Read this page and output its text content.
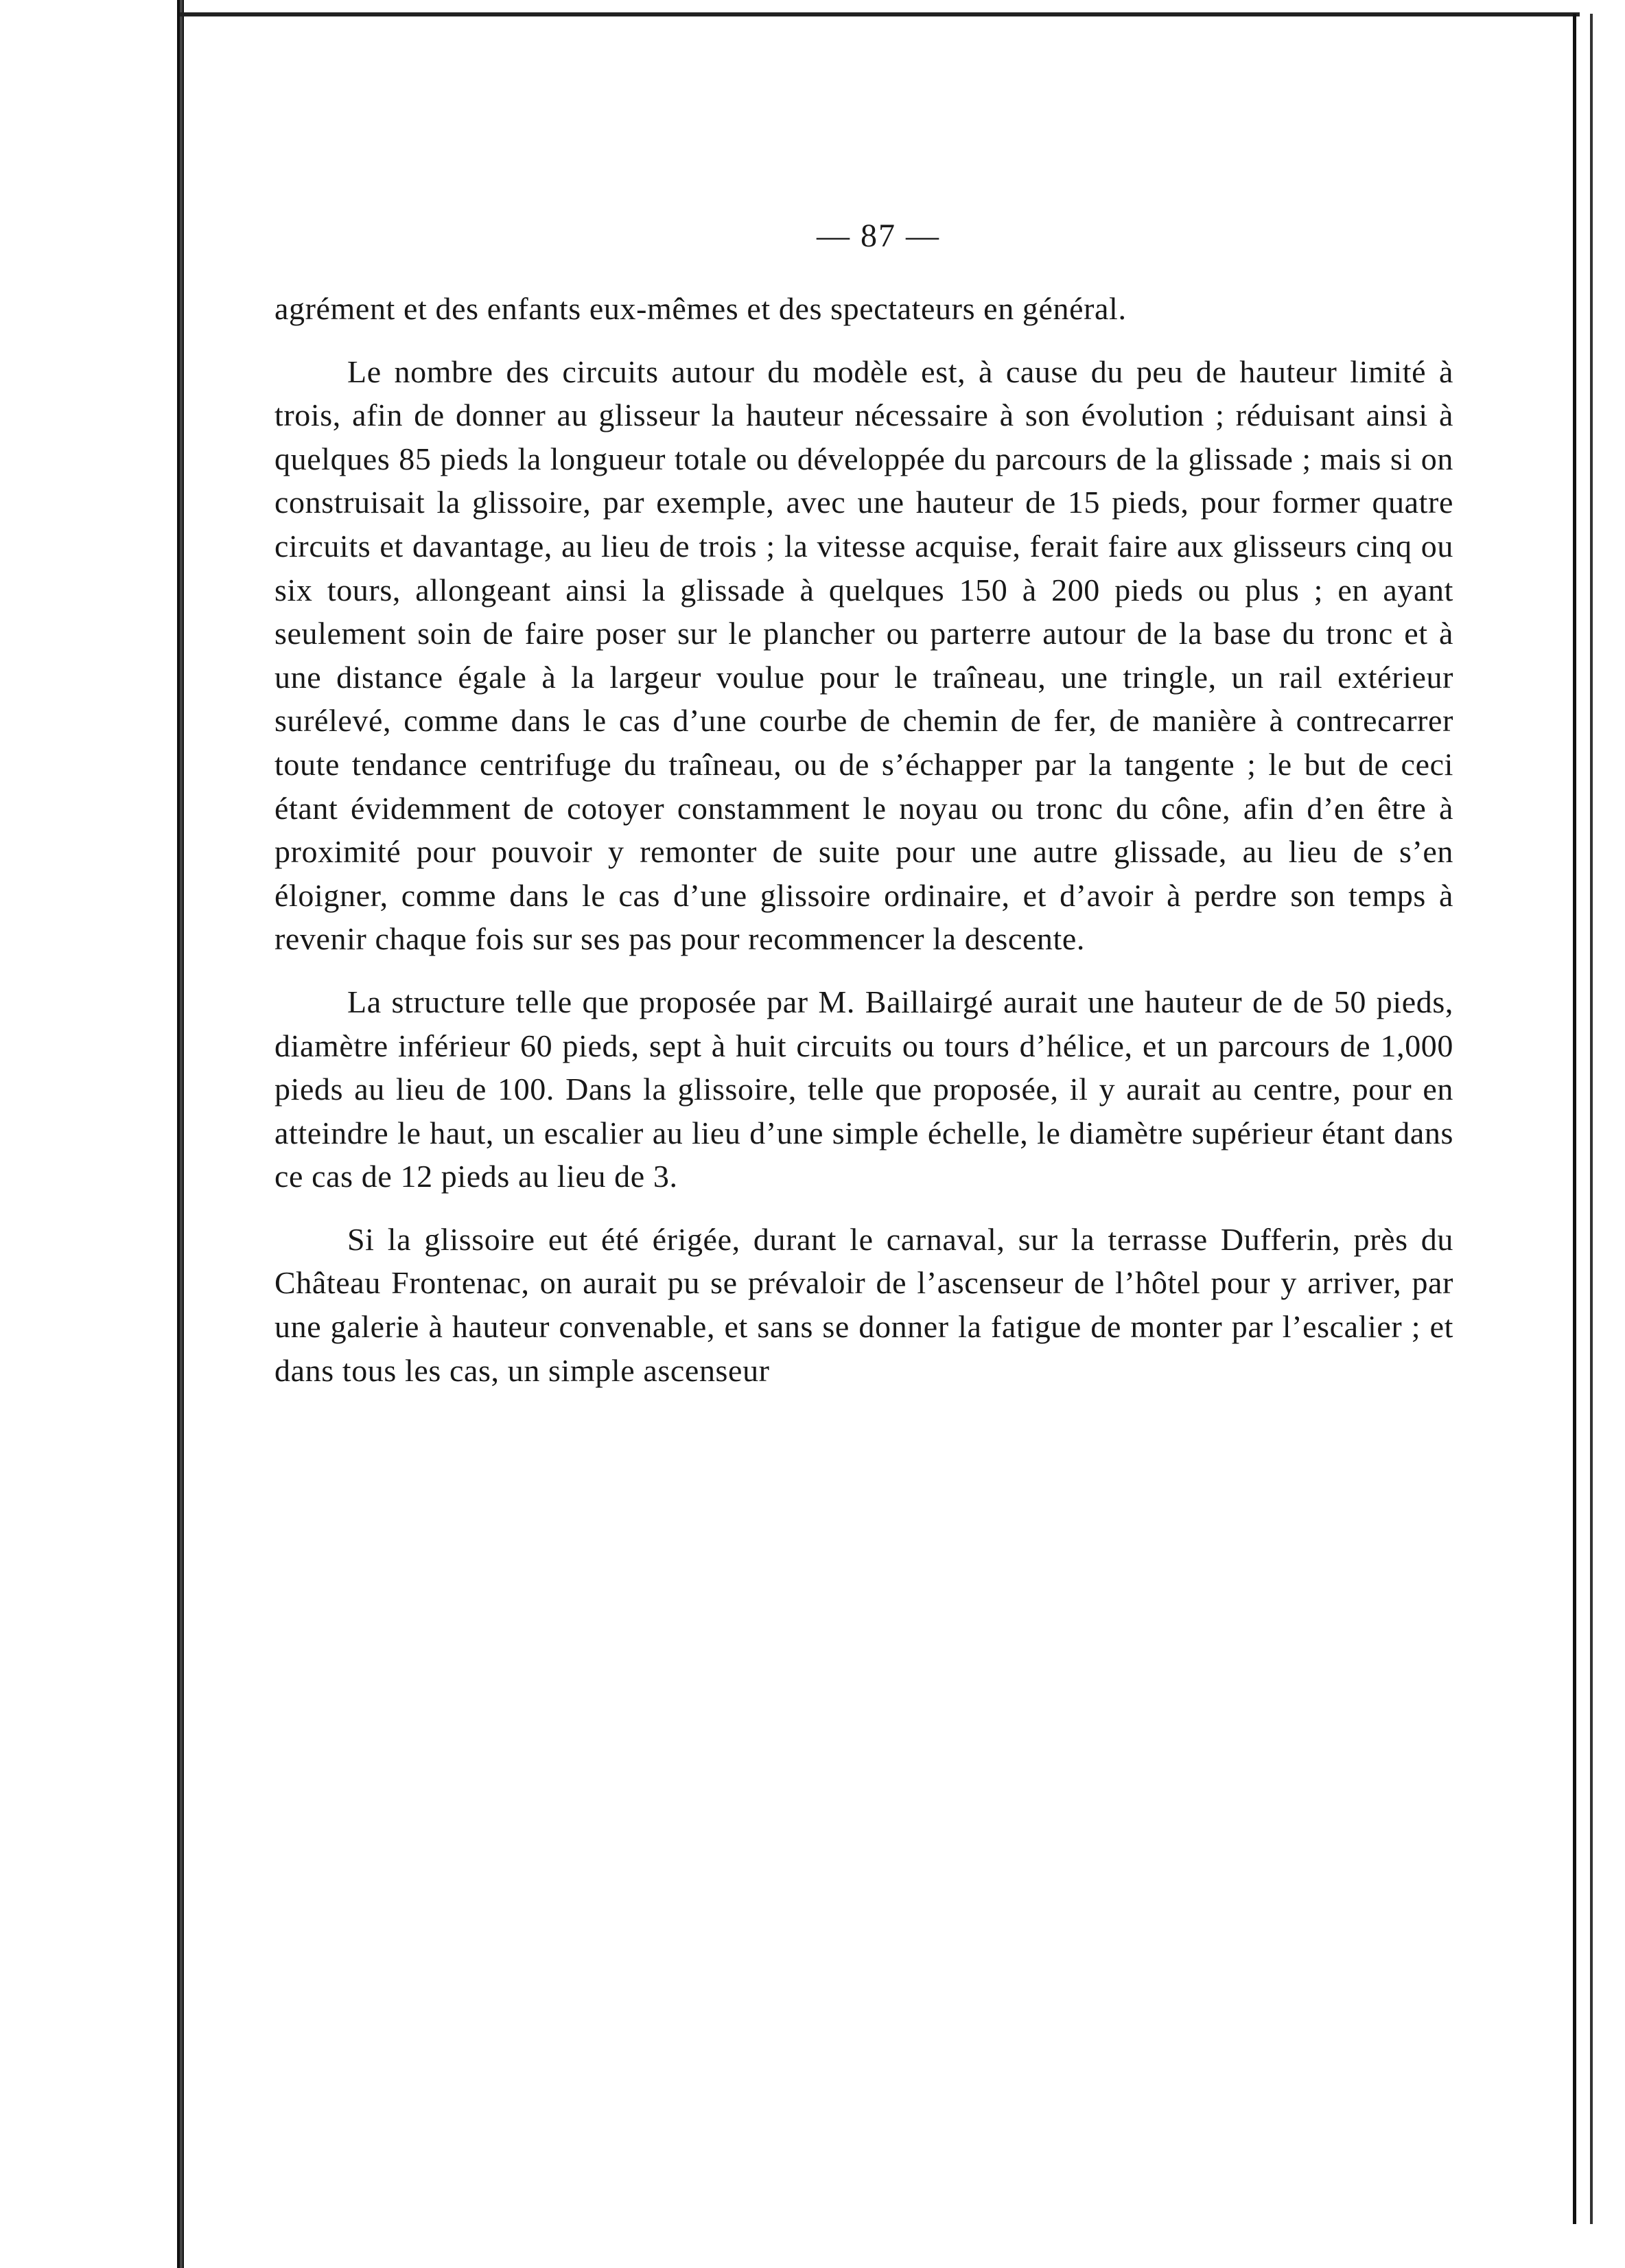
— 87 —

agrément et des enfants eux-mêmes et des spectateurs en général.

Le nombre des circuits autour du modèle est, à cause du peu de hauteur limité à trois, afin de donner au glisseur la hauteur nécessaire à son évolution ; réduisant ainsi à quelques 85 pieds la longueur totale ou développée du parcours de la glissade ; mais si on construisait la glissoire, par exemple, avec une hauteur de 15 pieds, pour former quatre circuits et davantage, au lieu de trois ; la vitesse acquise, ferait faire aux glisseurs cinq ou six tours, allongeant ainsi la glissade à quelques 150 à 200 pieds ou plus ; en ayant seulement soin de faire poser sur le plancher ou parterre autour de la base du tronc et à une distance égale à la largeur voulue pour le traîneau, une tringle, un rail extérieur surélevé, comme dans le cas d’une courbe de chemin de fer, de manière à contrecarrer toute tendance centrifuge du traîneau, ou de s’échapper par la tangente ; le but de ceci étant évidemment de cotoyer constamment le noyau ou tronc du cône, afin d’en être à proximité pour pouvoir y remonter de suite pour une autre glissade, au lieu de s’en éloigner, comme dans le cas d’une glissoire ordinaire, et d’avoir à perdre son temps à revenir chaque fois sur ses pas pour recommencer la descente.

La structure telle que proposée par M. Baillairgé aurait une hauteur de de 50 pieds, diamètre inférieur 60 pieds, sept à huit circuits ou tours d’hélice, et un parcours de 1,000 pieds au lieu de 100. Dans la glissoire, telle que proposée, il y aurait au centre, pour en atteindre le haut, un escalier au lieu d’une simple échelle, le diamètre supérieur étant dans ce cas de 12 pieds au lieu de 3.

Si la glissoire eut été érigée, durant le carnaval, sur la terrasse Dufferin, près du Château Frontenac, on aurait pu se prévaloir de l’ascenseur de l’hôtel pour y arriver, par une galerie à hauteur convenable, et sans se donner la fatigue de monter par l’escalier ; et dans tous les cas, un simple ascenseur
